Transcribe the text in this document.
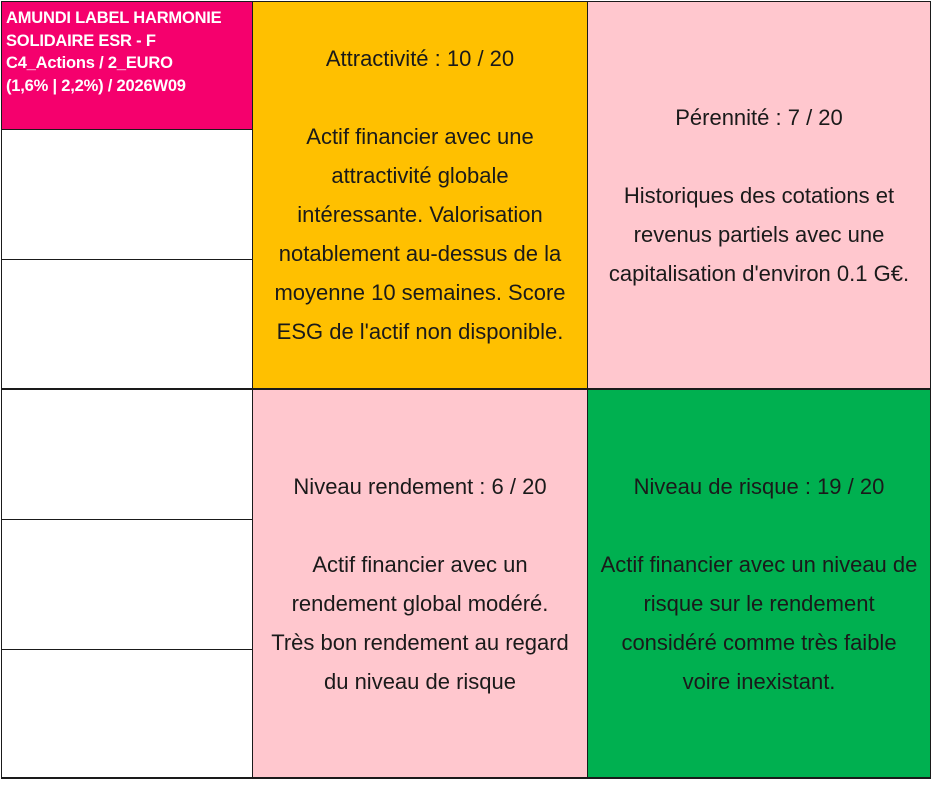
AMUNDI LABEL HARMONIE
SOLIDAIRE ESR - F
C4_Actions / 2_EURO
(1,6% | 2,2%) / 2026W09
Attractivité : 10 / 20
Actif financier avec une
attractivité globale
intéressante. Valorisation
notablement au-dessus de la
moyenne 10 semaines. Score
ESG de l'actif non disponible.
Pérennité : 7 / 20
Historiques des cotations et
revenus partiels avec une
capitalisation d'environ 0.1 G€.
Niveau rendement : 6 / 20
Actif financier avec un
rendement global modéré.
Très bon rendement au regard
du niveau de risque
Niveau de risque : 19 / 20
Actif financier avec un niveau de
risque sur le rendement
considéré comme très faible
voire inexistant.
